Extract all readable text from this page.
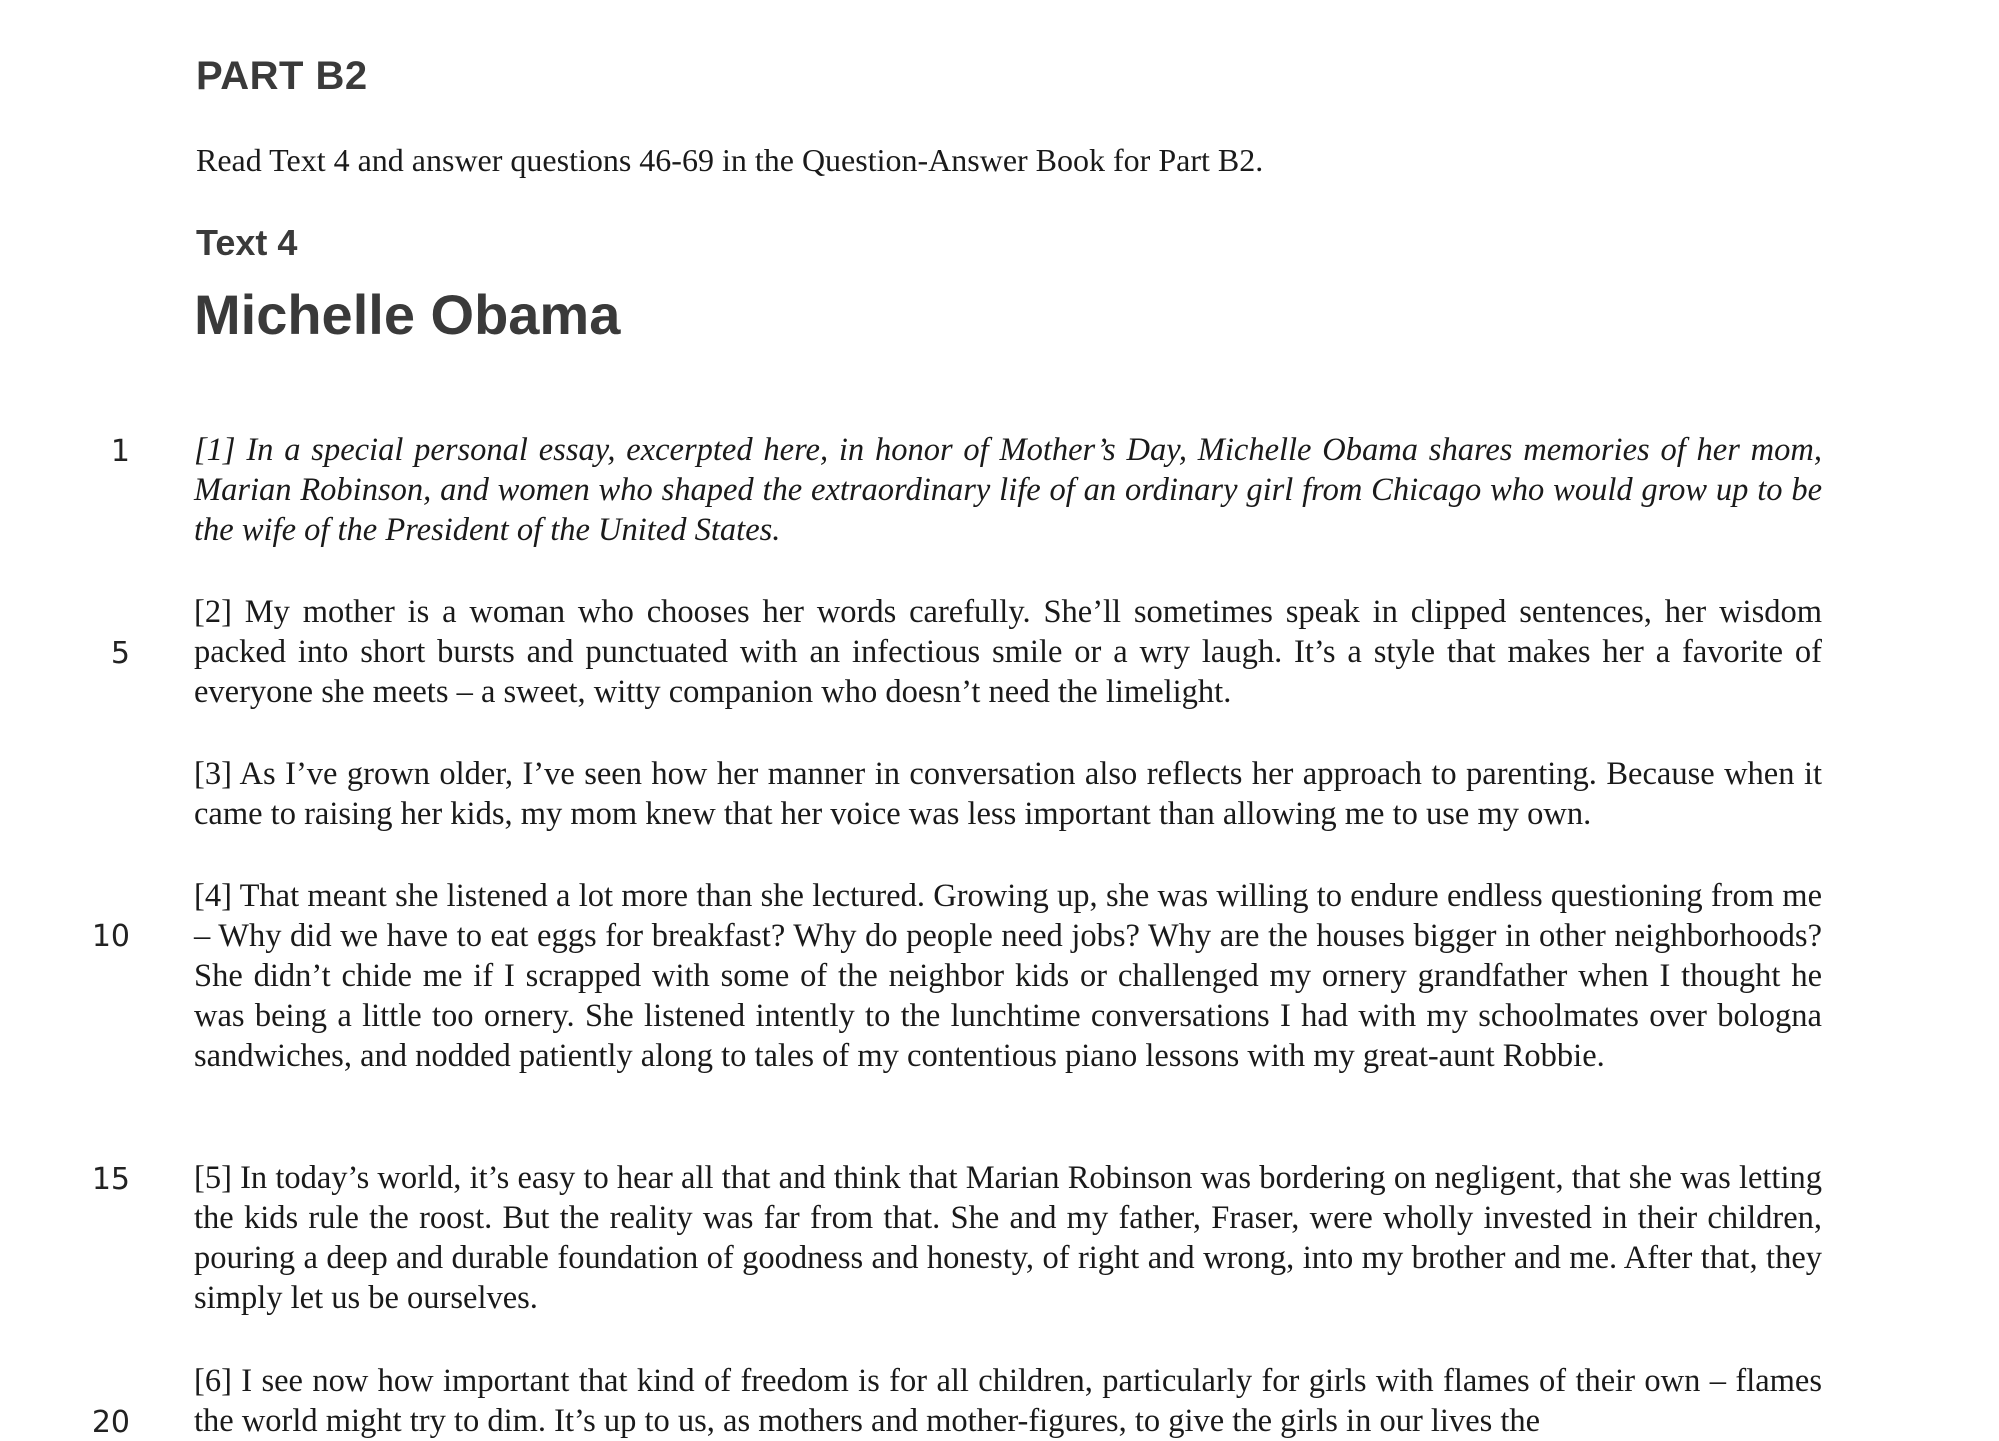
PART B2

Read Text 4 and answer questions 46-69 in the Question-Answer Book for Part B2.

Text 4
Michelle Obama
1
5
10
15
20

[1] In a special personal essay, excerpted here, in honor of Mother’s Day, Michelle Obama shares memories of her mom, Marian Robinson, and women who shaped the extraordinary life of an ordinary girl from Chicago who would grow up to be the wife of the President of the United States.

[2] My mother is a woman who chooses her words carefully. She’ll sometimes speak in clipped sentences, her wisdom packed into short bursts and punctuated with an infectious smile or a wry laugh. It’s a style that makes her a favorite of everyone she meets – a sweet, witty companion who doesn’t need the limelight.

[3] As I’ve grown older, I’ve seen how her manner in conversation also reflects her approach to parenting. Because when it came to raising her kids, my mom knew that her voice was less important than allowing me to use my own.

[4] That meant she listened a lot more than she lectured. Growing up, she was willing to endure endless questioning from me – Why did we have to eat eggs for breakfast? Why do people need jobs? Why are the houses bigger in other neighborhoods? She didn’t chide me if I scrapped with some of the neighbor kids or challenged my ornery grandfather when I thought he was being a little too ornery. She listened intently to the lunchtime conversations I had with my schoolmates over bologna sandwiches, and nodded patiently along to tales of my contentious piano lessons with my great-aunt Robbie.

[5] In today’s world, it’s easy to hear all that and think that Marian Robinson was bordering on negligent, that she was letting the kids rule the roost. But the reality was far from that. She and my father, Fraser, were wholly invested in their children, pouring a deep and durable foundation of goodness and honesty, of right and wrong, into my brother and me. After that, they simply let us be ourselves.

[6] I see now how important that kind of freedom is for all children, particularly for girls with flames of their own – flames the world might try to dim. It’s up to us, as mothers and mother-figures, to give the girls in our lives the
